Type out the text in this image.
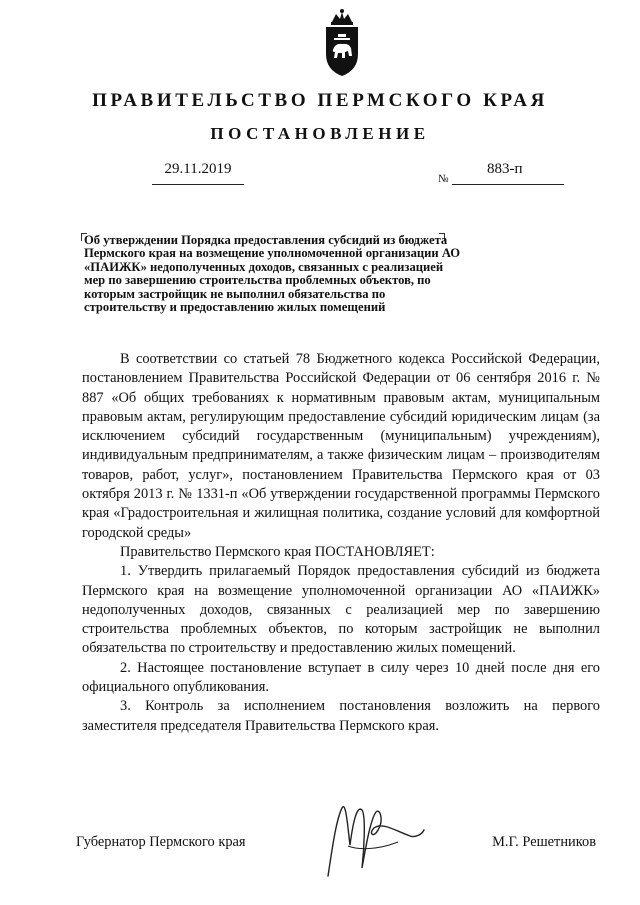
ПРАВИТЕЛЬСТВО ПЕРМСКОГО КРАЯ
ПОСТАНОВЛЕНИЕ
29.11.2019
№
883-п
Об утверждении Порядка предоставления субсидий из бюджета Пермского края на возмещение уполномоченной организации АО «ПАИЖК» недополученных доходов, связанных с реализацией мер по завершению строительства проблемных объектов, по которым застройщик не выполнил обязательства по строительству и предоставлению жилых помещений

В соответствии со статьей 78 Бюджетного кодекса Российской Федерации, постановлением Правительства Российской Федерации от 06 сентября 2016 г. № 887 «Об общих требованиях к нормативным правовым актам, муниципальным правовым актам, регулирующим предоставление субсидий юридическим лицам (за исключением субсидий государственным (муниципальным) учреждениям), индивидуальным предпринимателям, а также физическим лицам – производителям товаров, работ, услуг», постановлением Правительства Пермского края от 03 октября 2013 г. № 1331-п «Об утверждении государственной программы Пермского края «Градостроительная и жилищная политика, создание условий для комфортной городской среды»

Правительство Пермского края ПОСТАНОВЛЯЕТ:

1. Утвердить прилагаемый Порядок предоставления субсидий из бюджета Пермского края на возмещение уполномоченной организации АО «ПАИЖК» недополученных доходов, связанных с реализацией мер по завершению строительства проблемных объектов, по которым застройщик не выполнил обязательства по строительству и предоставлению жилых помещений.

2. Настоящее постановление вступает в силу через 10 дней после дня его официального опубликования.

3. Контроль за исполнением постановления возложить на первого заместителя председателя Правительства Пермского края.

Губернатор Пермского края	М.Г. Решетников
